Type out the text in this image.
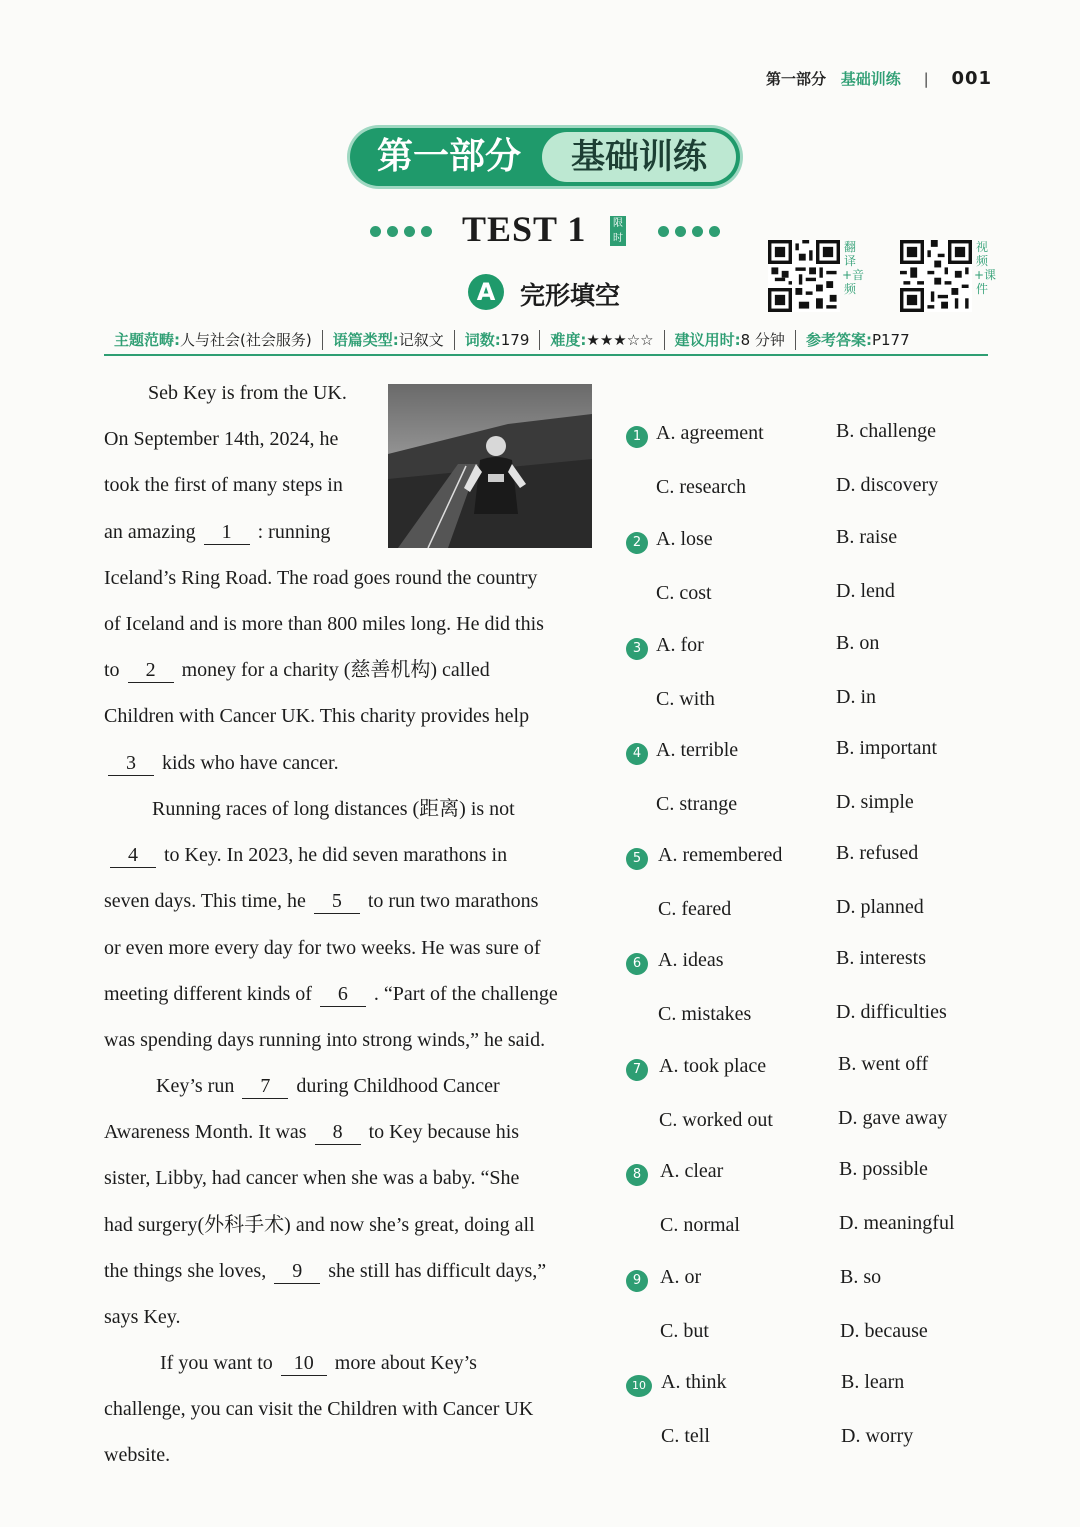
第一部分 基础训练 | 001
第一部分	基础训练
TEST 1	限时
A 完形填空
翻译+音频
视频+课件
主题范畴:人与社会(社会服务)	语篇类型:记叙文	词数:179	难度:★★★☆☆	建议用时:8 分钟	参考答案:P177
Seb Key is from the UK.
On September 14th, 2024, he
took the first of many steps in
an amazing 1 : running
Iceland’s Ring Road. The road goes round the country
of Iceland and is more than 800 miles long. He did this
to 2 money for a charity (慈善机构) called
Children with Cancer UK. This charity provides help
3 kids who have cancer.
Running races of long distances (距离) is not
4 to Key. In 2023, he did seven marathons in
seven days. This time, he 5 to run two marathons
or even more every day for two weeks. He was sure of
meeting different kinds of 6 . “Part of the challenge
was spending days running into strong winds,” he said.
Key’s run 7 during Childhood Cancer
Awareness Month. It was 8 to Key because his
sister, Libby, had cancer when she was a baby. “She
had surgery(外科手术) and now she’s great, doing all
the things she loves, 9 she still has difficult days,”
says Key.
If you want to 10 more about Key’s
challenge, you can visit the Children with Cancer UK
website.
1 A. agreement	B. challenge
C. research	D. discovery
2 A. lose	B. raise
C. cost	D. lend
3 A. for	B. on
C. with	D. in
4 A. terrible	B. important
C. strange	D. simple
5 A. remembered	B. refused
C. feared	D. planned
6 A. ideas	B. interests
C. mistakes	D. difficulties
7 A. took place	B. went off
C. worked out	D. gave away
8 A. clear	B. possible
C. normal	D. meaningful
9 A. or	B. so
C. but	D. because
10 A. think	B. learn
C. tell	D. worry
